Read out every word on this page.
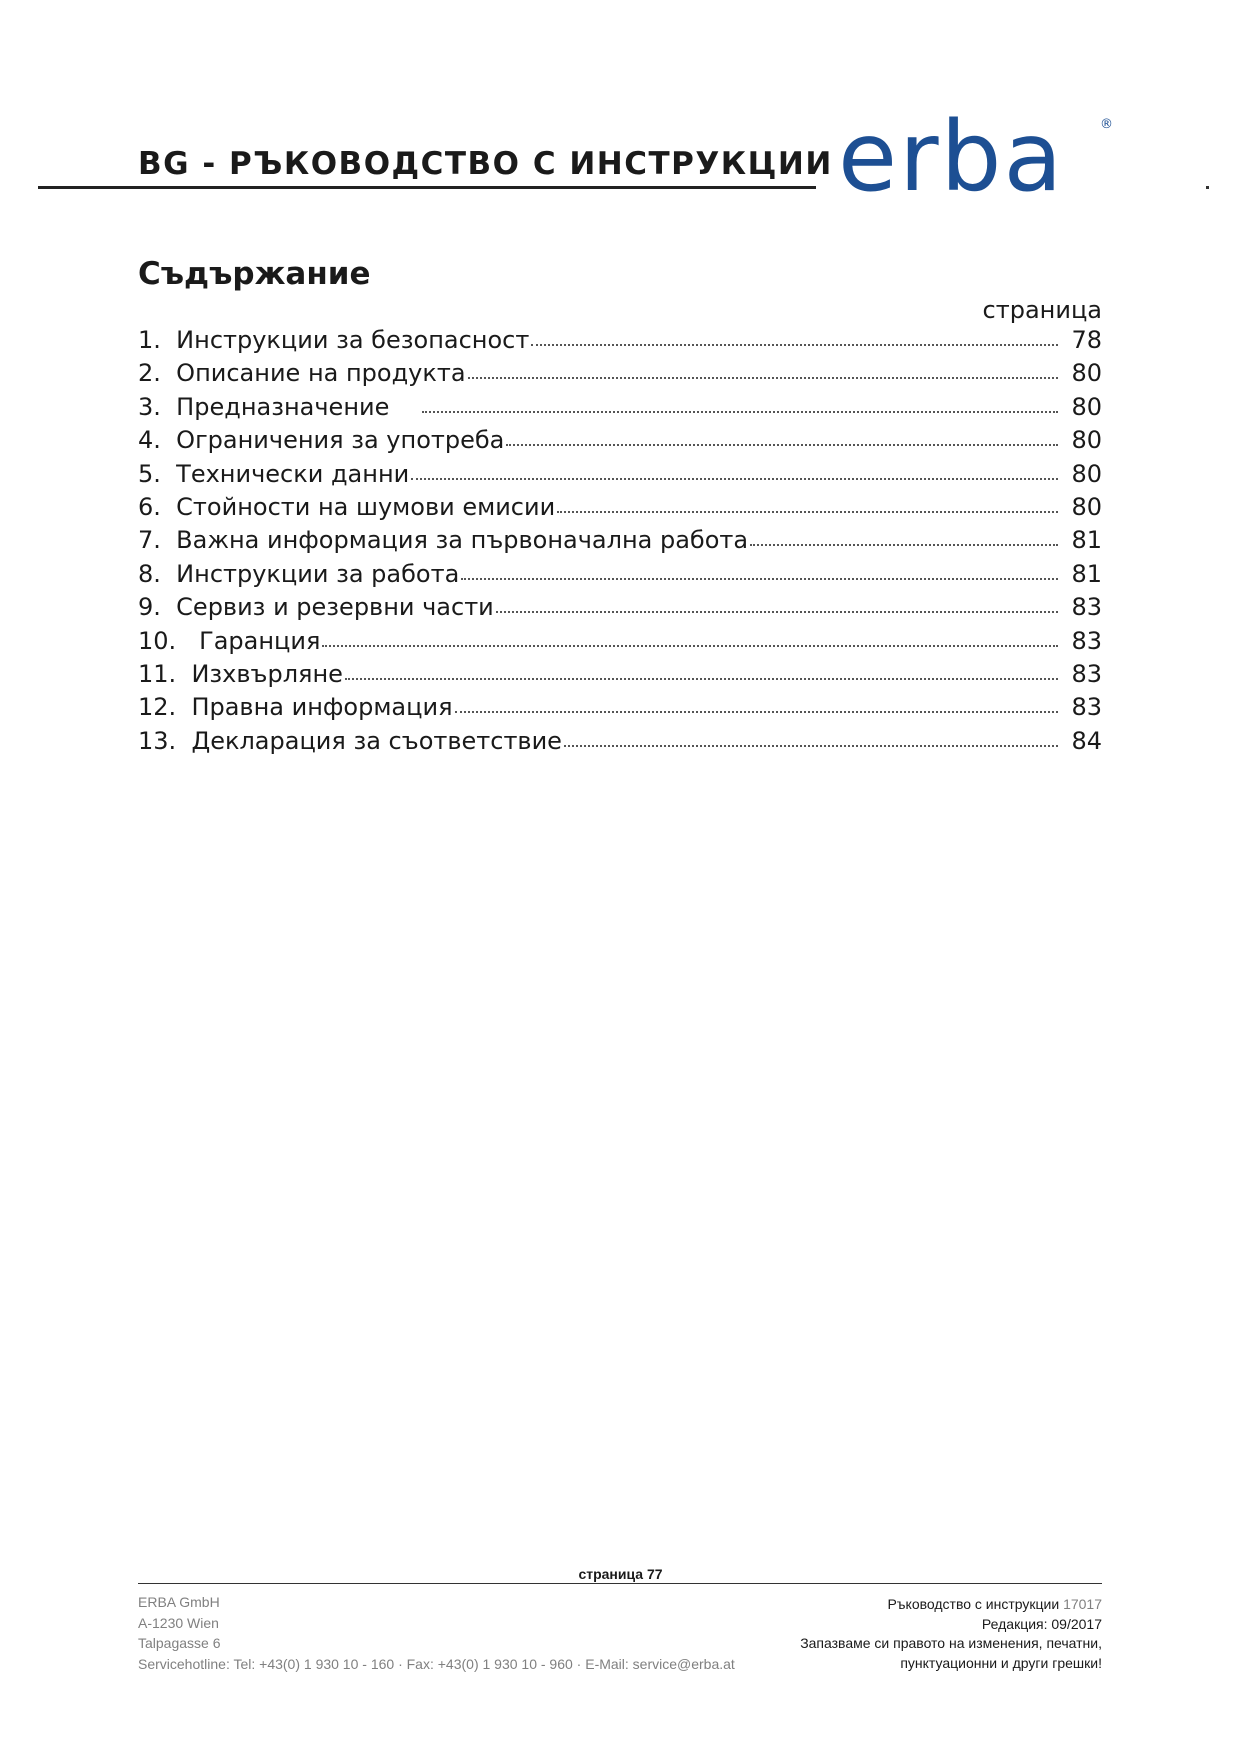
BG - РЪКОВОДСТВО С ИНСТРУКЦИИ erba	®
Съдържание
страница
1. Инструкции за безопасност	78
2. Описание на продукта	80
3. Предназначение	80
4. Ограничения за употреба	80
5. Технически данни	80
6. Стойности на шумови емисии	80
7. Важна информация за първоначална работа	81
8. Инструкции за работа	81
9. Сервиз и резервни части	83
10. Гаранция	83
11. Изхвърляне	83
12. Правна информация	83
13. Декларация за съответствие	84
страница 77
ERBA GmbH
A-1230 Wien
Talpagasse 6
Servicehotline: Tel: +43(0) 1 930 10 - 160 · Fax: +43(0) 1 930 10 - 960 · E-Mail: service@erba.at
Ръководство с инструкции 17017
Редакция: 09/2017
Запазваме си правото на изменения, печатни,
пунктуационни и други грешки!
